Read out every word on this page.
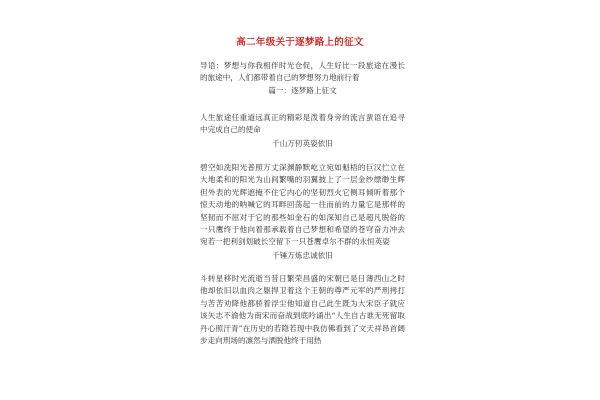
高二年级关于逐梦路上的征文

导语：梦想与你我相伴时光仓促，人生好比一段旅途在漫长的旅途中，人们都带着自己的梦想努力地前行着

篇一：逐梦路上征文

人生旅途任重道远真正的精彩是泼着身旁的流言蜚语在追寻中完成自己的使命

千山万仞英姿依旧

碧空如洗阳光普照万丈深渊静默屹立宛如魁梧的巨汉伫立在大地柔和的阳光为山间繁嘴的羽翼披上了一层金纱缥缈生辉但外表的光辉遮掩不住它内心的坚韧烈火它侧耳倾听着那个惊天动地的呐喊它的耳畔回荡起一往而前的力量它是那样的坚韧而不屈对于它的那些如金石的如深知自己是超凡脱俗的一只鹰终于他向着那承载着自己梦想和希望的苍穹奋力冲去宛若一把利剑划破长空留下一只苍鹰卓尔不群的永恒英姿

千锤万炼忠诚依旧

斗转星移时光流逝当昔日繁荣昌盛的宋朝已是日薄西山之时他却依旧以血肉之躯捍卫着这个王朝的尊严元军的严刑拷打与苦苦劝降他都骄着浮尘他知道自己此生既为大宋臣子就应该矢志不渝他为南宋而奋战到底吟诵出“人生自古谁无死留取丹心照汗青”在历史的若隐若现中我仿佛看到了文天祥昂首阔步走向刑场的凛然与洒脱他终于用热
